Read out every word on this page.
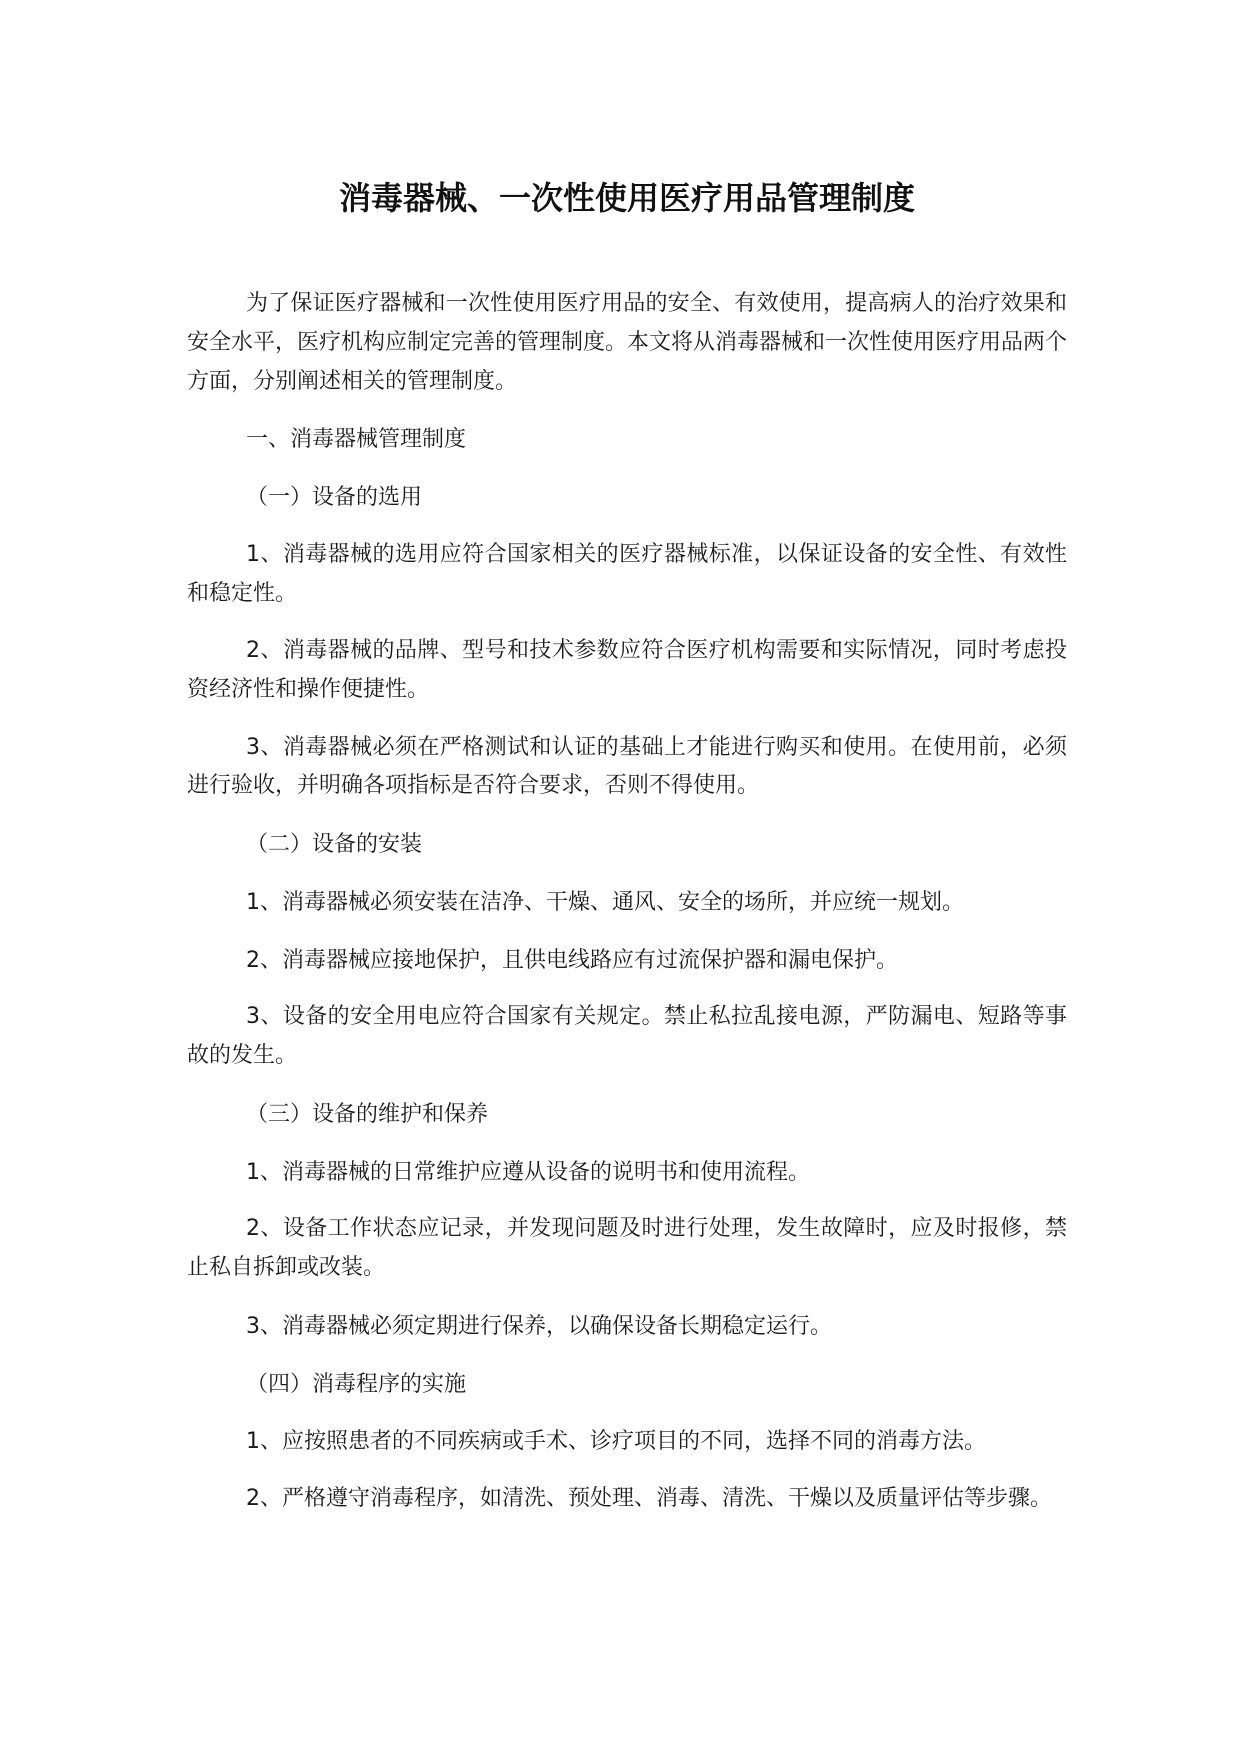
消毒器械、一次性使用医疗用品管理制度

为了保证医疗器械和一次性使用医疗用品的安全、有效使用，提高病人的治疗效果和安全水平，医疗机构应制定完善的管理制度。本文将从消毒器械和一次性使用医疗用品两个方面，分别阐述相关的管理制度。

一、消毒器械管理制度

（一）设备的选用

1、消毒器械的选用应符合国家相关的医疗器械标准，以保证设备的安全性、有效性和稳定性。

2、消毒器械的品牌、型号和技术参数应符合医疗机构需要和实际情况，同时考虑投资经济性和操作便捷性。

3、消毒器械必须在严格测试和认证的基础上才能进行购买和使用。在使用前，必须进行验收，并明确各项指标是否符合要求，否则不得使用。

（二）设备的安装

1、消毒器械必须安装在洁净、干燥、通风、安全的场所，并应统一规划。

2、消毒器械应接地保护，且供电线路应有过流保护器和漏电保护。

3、设备的安全用电应符合国家有关规定。禁止私拉乱接电源，严防漏电、短路等事故的发生。

（三）设备的维护和保养

1、消毒器械的日常维护应遵从设备的说明书和使用流程。

2、设备工作状态应记录，并发现问题及时进行处理，发生故障时，应及时报修，禁止私自拆卸或改装。

3、消毒器械必须定期进行保养，以确保设备长期稳定运行。

（四）消毒程序的实施

1、应按照患者的不同疾病或手术、诊疗项目的不同，选择不同的消毒方法。

2、严格遵守消毒程序，如清洗、预处理、消毒、清洗、干燥以及质量评估等步骤。
